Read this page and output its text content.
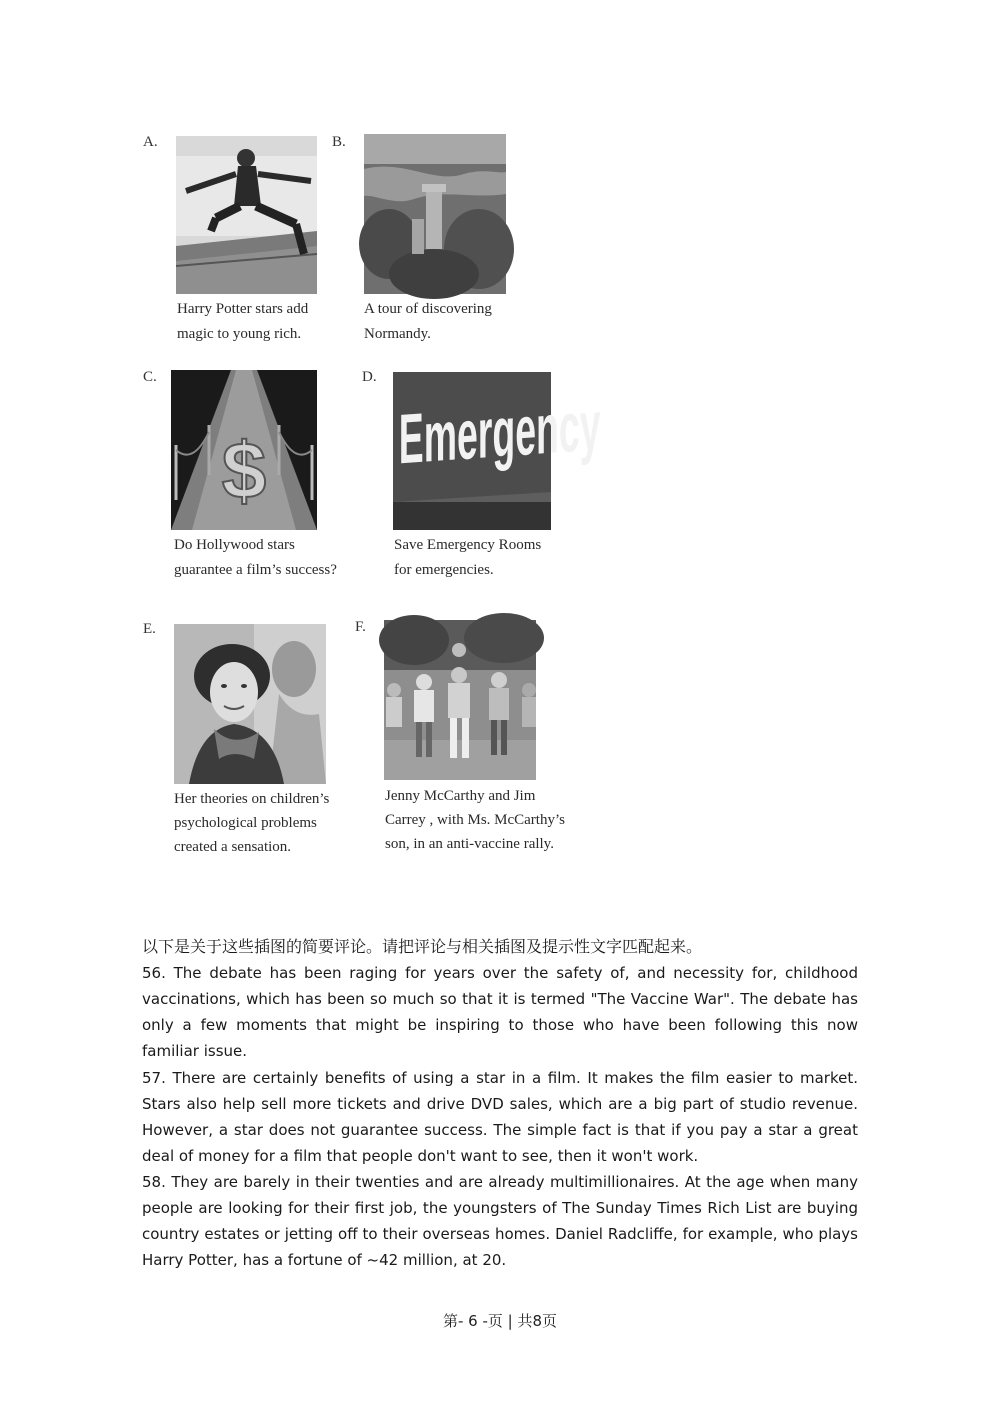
A.
Harry Potter stars add
magic to young rich.
B.
A tour of discovering
Normandy.
C.
$
Do Hollywood stars
guarantee a film’s success?
D.
Emergency
Save Emergency Rooms
for emergencies.
E.
Her theories on children’s
psychological problems
created a sensation.
F.
Jenny McCarthy and Jim
Carrey , with Ms. McCarthy’s
son, in an anti-vaccine rally.
以下是关于这些插图的简要评论。请把评论与相关插图及提示性文字匹配起来。
56. The debate has been raging for years over the safety of, and necessity for, childhood vaccinations, which has been so much so that it is termed "The Vaccine War". The debate has only a few moments that might be inspiring to those who have been following this now familiar issue.
57. There are certainly benefits of using a star in a film. It makes the film easier to market. Stars also help sell more tickets and drive DVD sales, which are a big part of studio revenue. However, a star does not guarantee success. The simple fact is that if you pay a star a great deal of money for a film that people don't want to see, then it won't work.
58. They are barely in their twenties and are already multimillionaires. At the age when many people are looking for their first job, the youngsters of The Sunday Times Rich List are buying country estates or jetting off to their overseas homes. Daniel Radcliffe, for example, who plays Harry Potter, has a fortune of ~42 million, at 20.
第- 6 -页 | 共8页
